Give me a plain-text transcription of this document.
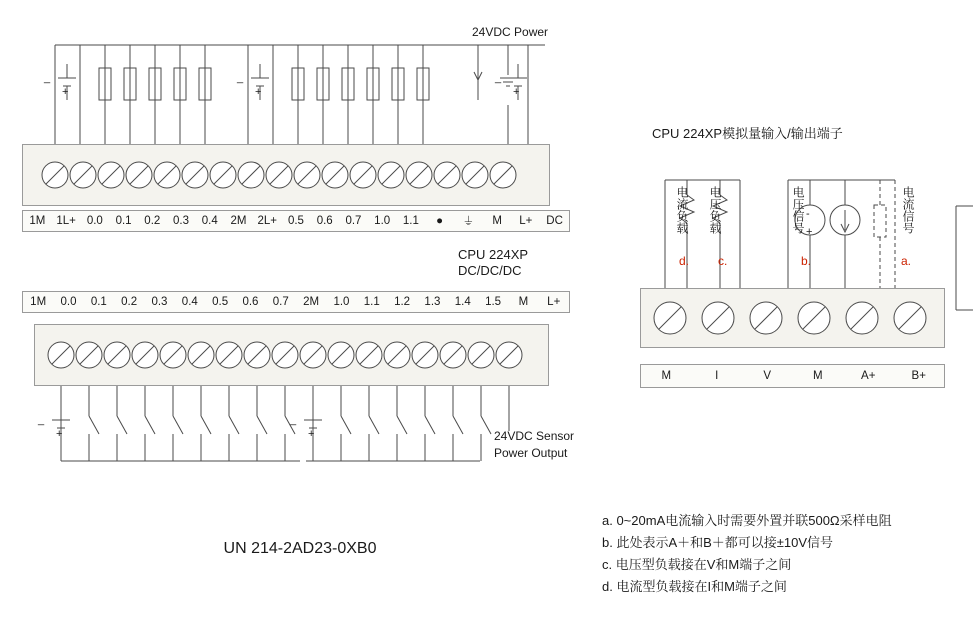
1M 1L+ 0.0	0.1	0.2	0.3	0.4	2M 2L+ 0.5	0.6	0.7	1.0	1.1	●	⏚	M	L+	DC
CPU 224XP
DC/DC/DC
1M	0.0	0.1	0.2	0.3	0.4	0.5	0.6	0.7	2M	1.0	1.1	1.2	1.3	1.4	1.5	M	L+
_
+
_
+
_
+
_
+
_
+
24VDC Power
24VDC Sensor
Power Output
UN 214-2AD23-0XB0
CPU 224XP模拟量输入/输出端子
电流负载 电压负载	电压信号	电流信号
-
+
d. c.	b.	a.
M	I	V	M	A+	B+
a. 0~20mA电流输入时需要外置并联500Ω采样电阻
b. 此处表示A＋和B＋都可以接±10V信号
c. 电压型负载接在V和M端子之间
d. 电流型负载接在I和M端子之间
